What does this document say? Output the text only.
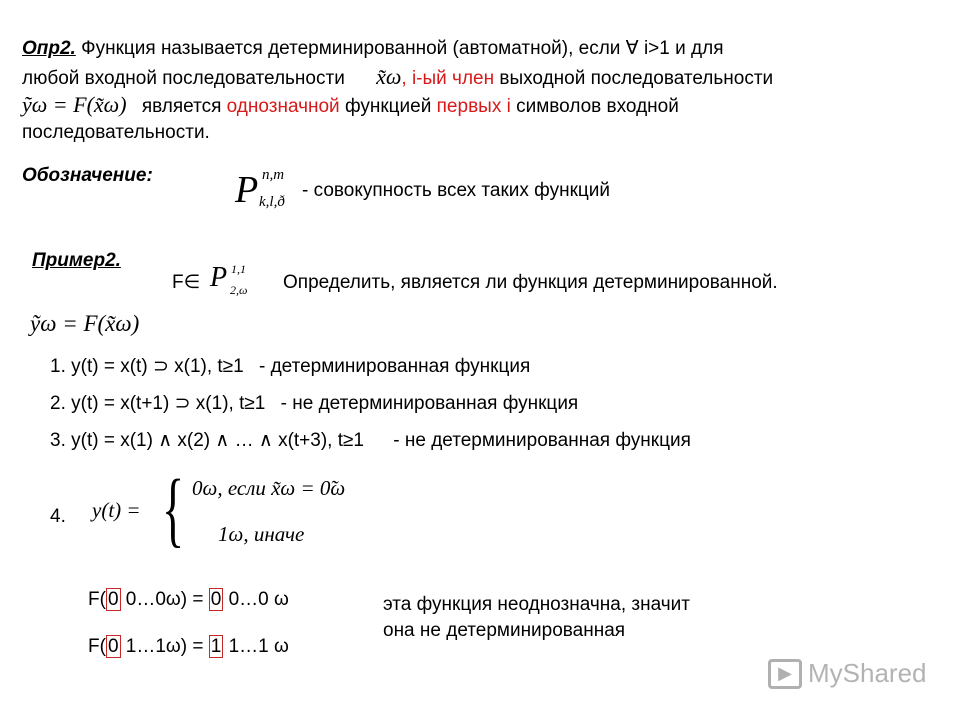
Опр2. Функция называется детерминированной (автоматной), если ∀ i>1 и для
любой входной последовательности x̃ω, i-ый член выходной последовательности
ỹω = F(x̃ω) является однозначной функцией первых i символов входной
последовательности.
Обозначение: P n,m
k,l,ð
- совокупность всех таких функций
Пример2.
F∈ P 1,1
2,ω Определить, является ли функция детерминированной.
ỹω = F(x̃ω)
1. y(t) = x(t) ⊃ x(1), t≥1 - детерминированная функция
2. y(t) = x(t+1) ⊃ x(1), t≥1 - не детерминированная функция
3. y(t) = x(1) ∧ x(2) ∧ … ∧ x(t+3), t≥1 - не детерминированная функция
4. y(t) = { 0ω, если x̃ω = 0̃ω
1ω, иначе
F( 0 0…0ω) = 0 0…0 ω
F( 0 1…1ω) = 1 1…1 ω
эта функция неоднозначна, значит
она не детерминированная
▶ MyShared
